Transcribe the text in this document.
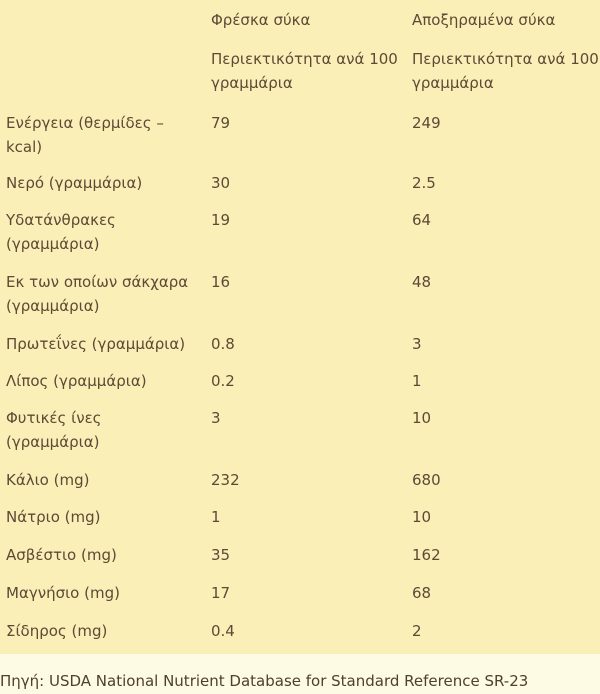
	Φρέσκα σύκα	Αποξηραμένα σύκα
	Περιεκτικότητα ανά 100 γραμμάρια	Περιεκτικότητα ανά 100 γραμμάρια
Ενέργεια (θερμίδες – kcal)	79	249
Νερό (γραμμάρια)	30	2.5
Υδατάνθρακες (γραμμάρια)	19	64
Εκ των οποίων σάκχαρα (γραμμάρια)	16	48
Πρωτεΐνες (γραμμάρια)	0.8	3
Λίπος (γραμμάρια)	0.2	1
Φυτικές ίνες (γραμμάρια)	3	10
Κάλιο (mg)	232	680
Νάτριο (mg)	1	10
Ασβέστιο (mg)	35	162
Μαγνήσιο (mg)	17	68
Σίδηρος (mg)	0.4	2
Πηγή: USDA National Nutrient Database for Standard Reference SR-23
